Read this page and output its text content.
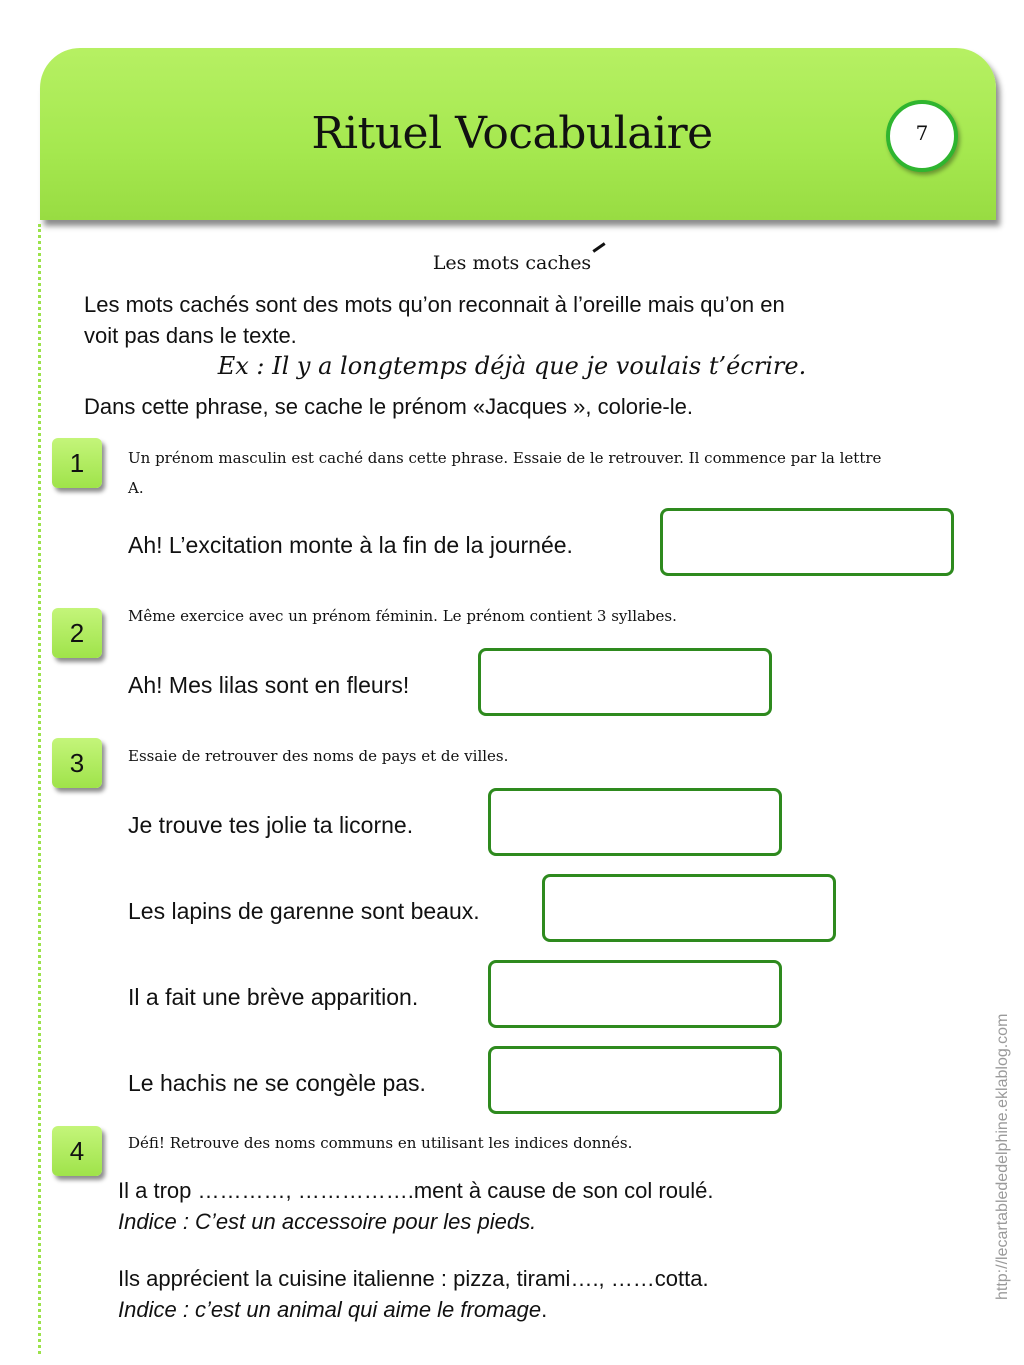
Rituel Vocabulaire	7
Les mots caches
Les mots cachés sont des mots qu’on reconnait à l’oreille mais qu’on en
voit pas dans le texte.
Ex : Il y a longtemps déjà que je voulais t’écrire.
Dans cette phrase, se cache le prénom «Jacques », colorie-le.
1	Un prénom masculin est caché dans cette phrase. Essaie de le retrouver. Il commence par la lettre A.
Ah! L’excitation monte à la fin de la journée.
2
Même exercice avec un prénom féminin. Le prénom contient 3 syllabes.
Ah! Mes lilas sont en fleurs!
3	Essaie de retrouver des noms de pays et de villes.
Je trouve tes jolie ta licorne.
Les lapins de garenne sont beaux.
Il a fait une brève apparition.
Le hachis ne se congèle pas.
4	Défi! Retrouve des noms communs en utilisant les indices donnés.
Il a trop …………, …………….ment à cause de son col roulé.
Indice : C’est un accessoire pour les pieds.
Ils apprécient la cuisine italienne : pizza, tirami…., ……cotta.
Indice : c’est un animal qui aime le fromage.
http://lecartablededelphine.eklablog.com
